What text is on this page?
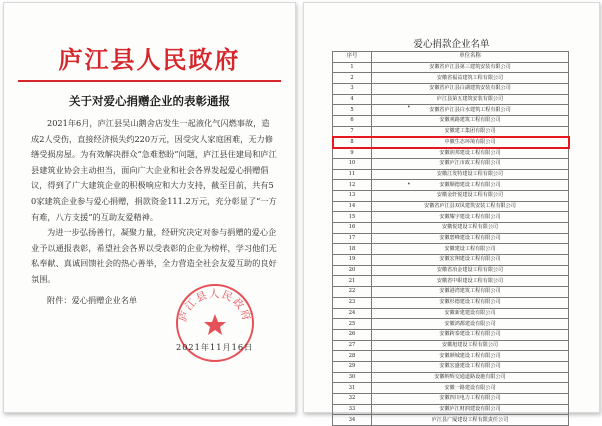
庐江县人民政府
关于对爱心捐赠企业的表彰通报

2021年6月，庐江县吴山鹅舍店发生一起液化气闪燃事故，造成2人受伤，直接经济损失约220万元，因受灾人家庭困难，无力修缮受损房屋。为有效解决群众“急难愁盼”问题，庐江县住建局和庐江县建筑业协会主动担当，面向广大企业和社会各界发起爱心捐赠倡议，得到了广大建筑企业的积极响应和大力支持，截至目前，共有50家建筑企业参与爱心捐赠，捐款资金111.2万元，充分彰显了“一方有难，八方支援”的互助友爱精神。

为进一步弘扬善行，凝聚力量，经研究决定对参与捐赠的爱心企业予以通报表彰，希望社会各界以受表彰的企业为榜样，学习他们无私奉献、真诚回馈社会的热心善举，全力营造全社会友爱互助的良好氛围。

附件：爱心捐赠企业名单
庐江县人民政府
2021年11月16日
爱心捐款企业名单
序号	单位名称
1	安徽省庐江县第三建筑安装有限公司
2	安徽省福益建筑工程有限公司
3	安徽省庐江县白湖建筑安装有限公司
4	庐江县第五建筑安装有限公司
5	安徽省庐江县白水建筑工程有限公司
6	安徽观路建筑工程有限公司
7	安徽建工集团有限公司
8	中徽生态环境有限公司
9	安徽润邦建设工程有限公司
10	安徽庐江市政工程有限公司
11	安徽江发特建设工程有限公司
12	安徽顺德建设工程有限公司
13	安徽金轩悦建设工程有限公司
14	安徽省庐江县双凤建筑安装工程有限公司
15	安徽耀宇建设工程有限公司
16	安徽悦建设工程有限公司
17	安徽碧峰建设工程有限公司
18	安徽建设工程有限公司
19	安徽宏翔建设工程有限公司
20	安徽省冶金建设工程有限公司
21	安徽省中职建设工程有限公司
22	安徽港湾建筑工程有限公司
23	安徽杉德建设工程有限公司
24	安徽新建建设有限公司
25	安徽鸿都建设有限公司
26	安徽跨泰建设工程有限公司
27	安徽旭建设工程有限公司
28	安徽颜城建设工程有限公司
29	安徽宏盛建设工程有限公司
30	安徽纳辉交通道路设施有限公司
31	安徽一路建设有限公司
32	安徽四川电力工程有限公司
33	安徽庐江财润建设有限公司
34	庐江县广厦建设工程有限责任公司
•
•
